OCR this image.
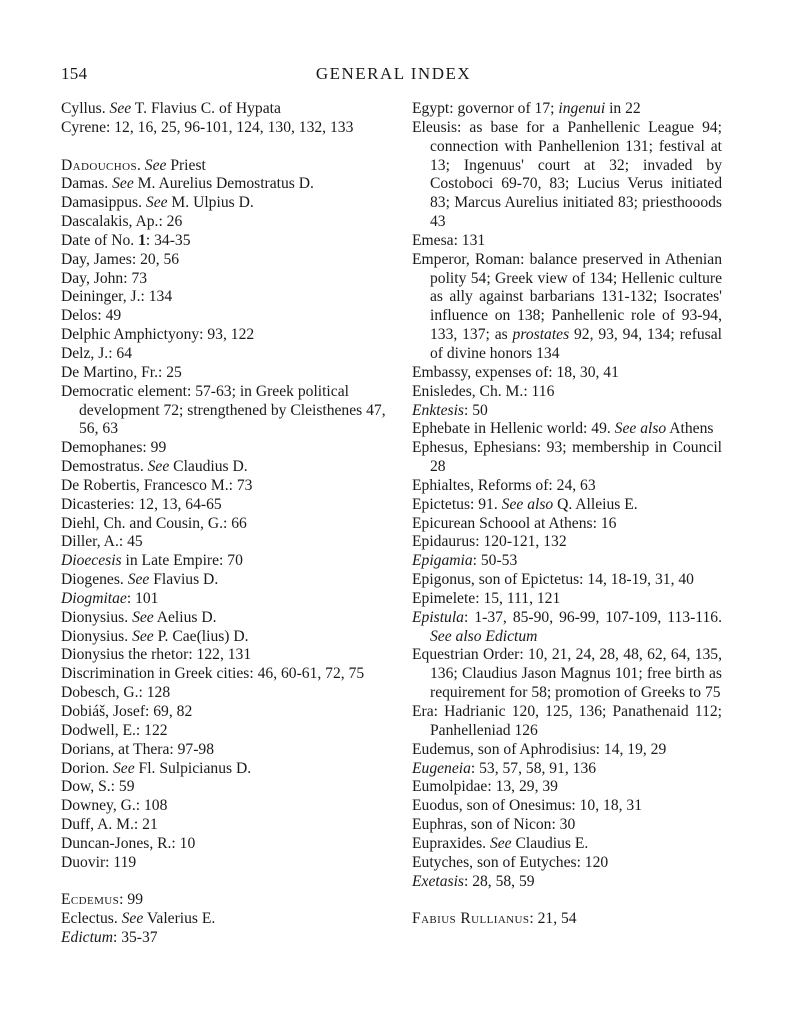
154	GENERAL INDEX
Cyllus. See T. Flavius C. of Hypata
Cyrene: 12, 16, 25, 96-101, 124, 130, 132, 133
Dadouchos. See Priest
Damas. See M. Aurelius Demostratus D.
Damasippus. See M. Ulpius D.
Dascalakis, Ap.: 26
Date of No. 1: 34-35
Day, James: 20, 56
Day, John: 73
Deininger, J.: 134
Delos: 49
Delphic Amphictyony: 93, 122
Delz, J.: 64
De Martino, Fr.: 25
Democratic element: 57-63; in Greek political development 72; strengthened by Cleisthenes 47, 56, 63
Demophanes: 99
Demostratus. See Claudius D.
De Robertis, Francesco M.: 73
Dicasteries: 12, 13, 64-65
Diehl, Ch. and Cousin, G.: 66
Diller, A.: 45
Dioecesis in Late Empire: 70
Diogenes. See Flavius D.
Diogmitae: 101
Dionysius. See Aelius D.
Dionysius. See P. Cae(lius) D.
Dionysius the rhetor: 122, 131
Discrimination in Greek cities: 46, 60-61, 72, 75
Dobesch, G.: 128
Dobiáš, Josef: 69, 82
Dodwell, E.: 122
Dorians, at Thera: 97-98
Dorion. See Fl. Sulpicianus D.
Dow, S.: 59
Downey, G.: 108
Duff, A. M.: 21
Duncan-Jones, R.: 10
Duovir: 119
Ecdemus: 99
Eclectus. See Valerius E.
Edictum: 35-37
Egypt: governor of 17; ingenui in 22
Eleusis: as base for a Panhellenic League 94; connection with Panhellenion 131; festival at 13; Ingenuus' court at 32; invaded by Costoboci 69-70, 83; Lucius Verus initiated 83; Marcus Aurelius initiated 83; priesthooods 43
Emesa: 131
Emperor, Roman: balance preserved in Athenian polity 54; Greek view of 134; Hellenic culture as ally against barbarians 131-132; Isocrates' influence on 138; Panhellenic role of 93-94, 133, 137; as prostates 92, 93, 94, 134; refusal of divine honors 134
Embassy, expenses of: 18, 30, 41
Enisledes, Ch. M.: 116
Enktesis: 50
Ephebate in Hellenic world: 49. See also Athens
Ephesus, Ephesians: 93; membership in Council 28
Ephialtes, Reforms of: 24, 63
Epictetus: 91. See also Q. Alleius E.
Epicurean Schoool at Athens: 16
Epidaurus: 120-121, 132
Epigamia: 50-53
Epigonus, son of Epictetus: 14, 18-19, 31, 40
Epimelete: 15, 111, 121
Epistula: 1-37, 85-90, 96-99, 107-109, 113-116. See also Edictum
Equestrian Order: 10, 21, 24, 28, 48, 62, 64, 135, 136; Claudius Jason Magnus 101; free birth as requirement for 58; promotion of Greeks to 75
Era: Hadrianic 120, 125, 136; Panathenaid 112; Panhelleniad 126
Eudemus, son of Aphrodisius: 14, 19, 29
Eugeneia: 53, 57, 58, 91, 136
Eumolpidae: 13, 29, 39
Euodus, son of Onesimus: 10, 18, 31
Euphras, son of Nicon: 30
Eupraxides. See Claudius E.
Eutyches, son of Eutyches: 120
Exetasis: 28, 58, 59
Fabius Rullianus: 21, 54
